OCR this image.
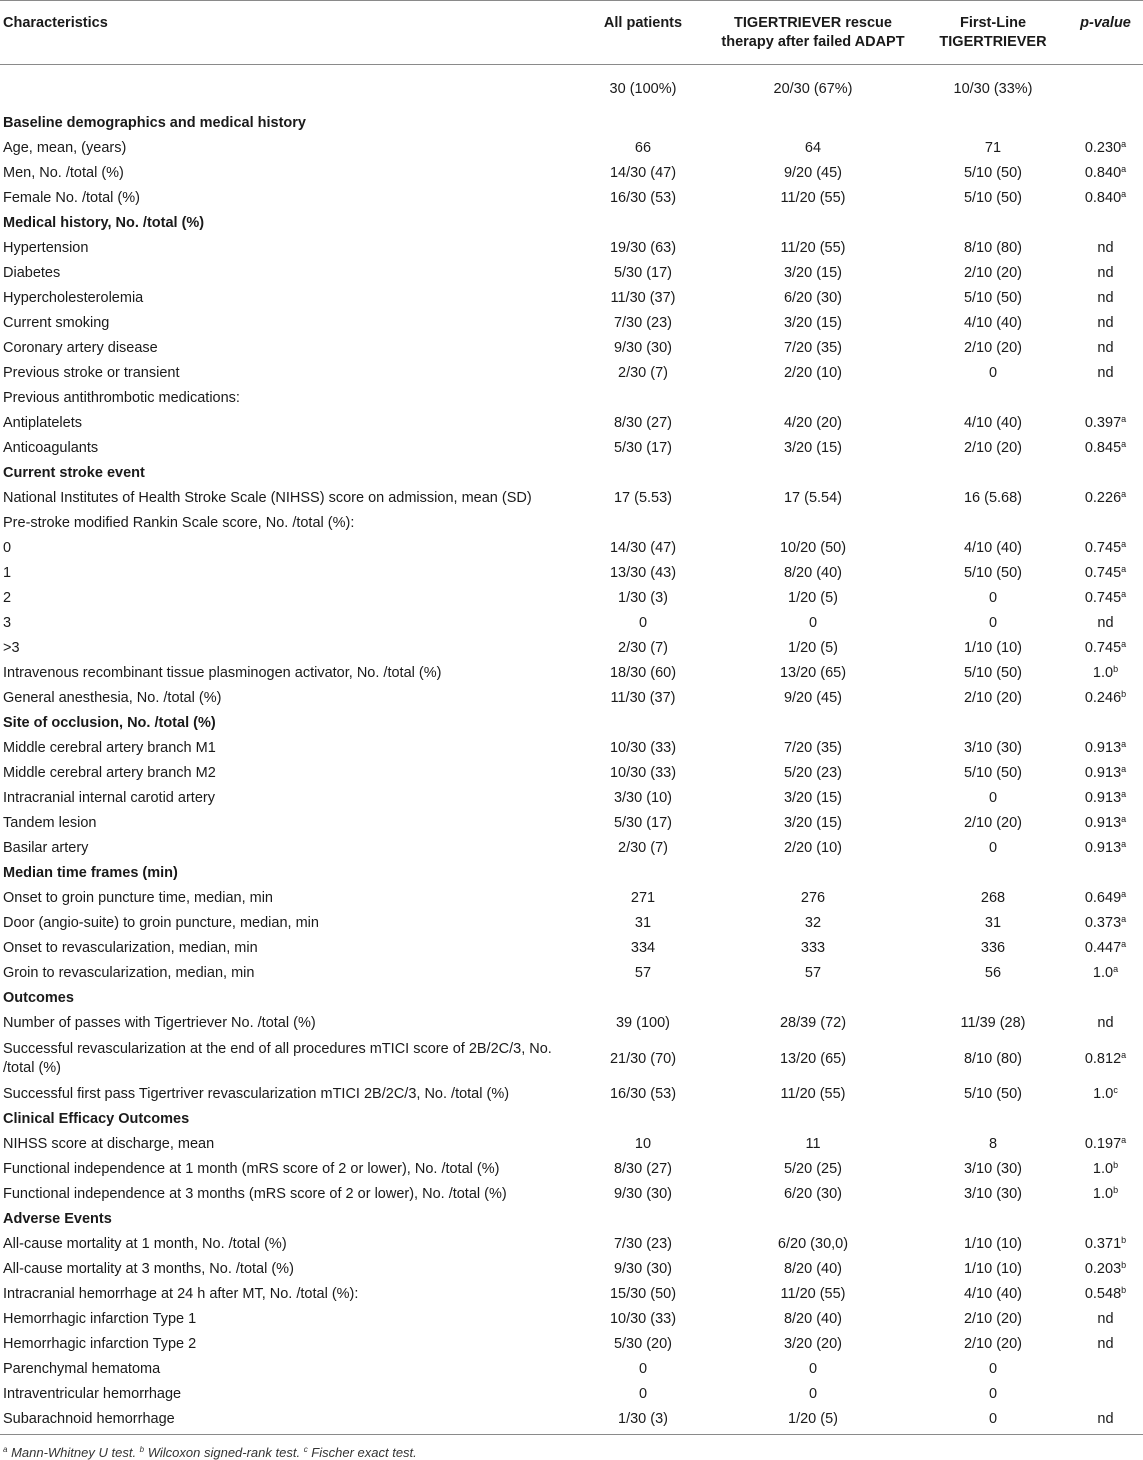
Characteristics	All patients	TIGERTRIEVER rescue therapy after failed ADAPT	First-Line TIGERTRIEVER	p-value
	30 (100%)	20/30 (67%)	10/30 (33%)	
Baseline demographics and medical history				
Age, mean, (years)	66	64	71	0.230$^a$
Men, No. /total (%)	14/30 (47)	9/20 (45)	5/10 (50)	0.840$^a$
Female No. /total (%)	16/30 (53)	11/20 (55)	5/10 (50)	0.840$^a$
Medical history, No. /total (%)				
Hypertension	19/30 (63)	11/20 (55)	8/10 (80)	nd
Diabetes	5/30 (17)	3/20 (15)	2/10 (20)	nd
Hypercholesterolemia	11/30 (37)	6/20 (30)	5/10 (50)	nd
Current smoking	7/30 (23)	3/20 (15)	4/10 (40)	nd
Coronary artery disease	9/30 (30)	7/20 (35)	2/10 (20)	nd
Previous stroke or transient	2/30 (7)	2/20 (10)	0	nd
Previous antithrombotic medications:				
Antiplatelets	8/30 (27)	4/20 (20)	4/10 (40)	0.397$^a$
Anticoagulants	5/30 (17)	3/20 (15)	2/10 (20)	0.845$^a$
Current stroke event				
National Institutes of Health Stroke Scale (NIHSS) score on admission, mean (SD)	17 (5.53)	17 (5.54)	16 (5.68)	0.226$^a$
Pre-stroke modified Rankin Scale score, No. /total (%):				
0	14/30 (47)	10/20 (50)	4/10 (40)	0.745$^a$
1	13/30 (43)	8/20 (40)	5/10 (50)	0.745$^a$
2	1/30 (3)	1/20 (5)	0	0.745$^a$
3	0	0	0	nd
>3	2/30 (7)	1/20 (5)	1/10 (10)	0.745$^a$
Intravenous recombinant tissue plasminogen activator, No. /total (%)	18/30 (60)	13/20 (65)	5/10 (50)	1.0$^b$
General anesthesia, No. /total (%)	11/30 (37)	9/20 (45)	2/10 (20)	0.246$^b$
Site of occlusion, No. /total (%)				
Middle cerebral artery branch M1	10/30 (33)	7/20 (35)	3/10 (30)	0.913$^a$
Middle cerebral artery branch M2	10/30 (33)	5/20 (23)	5/10 (50)	0.913$^a$
Intracranial internal carotid artery	3/30 (10)	3/20 (15)	0	0.913$^a$
Tandem lesion	5/30 (17)	3/20 (15)	2/10 (20)	0.913$^a$
Basilar artery	2/30 (7)	2/20 (10)	0	0.913$^a$
Median time frames (min)				
Onset to groin puncture time, median, min	271	276	268	0.649$^a$
Door (angio-suite) to groin puncture, median, min	31	32	31	0.373$^a$
Onset to revascularization, median, min	334	333	336	0.447$^a$
Groin to revascularization, median, min	57	57	56	1.0$^a$
Outcomes				
Number of passes with Tigertriever No. /total (%)	39 (100)	28/39 (72)	11/39 (28)	nd
Successful revascularization at the end of all procedures mTICI score of 2B/2C/3, No. /total (%)	21/30 (70)	13/20 (65)	8/10 (80)	0.812$^a$
Successful first pass Tigertriver revascularization mTICI 2B/2C/3, No. /total (%)	16/30 (53)	11/20 (55)	5/10 (50)	1.0$^c$
Clinical Efficacy Outcomes				
NIHSS score at discharge, mean	10	11	8	0.197$^a$
Functional independence at 1 month (mRS score of 2 or lower), No. /total (%)	8/30 (27)	5/20 (25)	3/10 (30)	1.0$^b$
Functional independence at 3 months (mRS score of 2 or lower), No. /total (%)	9/30 (30)	6/20 (30)	3/10 (30)	1.0$^b$
Adverse Events				
All-cause mortality at 1 month, No. /total (%)	7/30 (23)	6/20 (30,0)	1/10 (10)	0.371$^b$
All-cause mortality at 3 months, No. /total (%)	9/30 (30)	8/20 (40)	1/10 (10)	0.203$^b$
Intracranial hemorrhage at 24 h after MT, No. /total (%):	15/30 (50)	11/20 (55)	4/10 (40)	0.548$^b$
Hemorrhagic infarction Type 1	10/30 (33)	8/20 (40)	2/10 (20)	nd
Hemorrhagic infarction Type 2	5/30 (20)	3/20 (20)	2/10 (20)	nd
Parenchymal hematoma	0	0	0	
Intraventricular hemorrhage	0	0	0	
Subarachnoid hemorrhage	1/30 (3)	1/20 (5)	0	nd
$^a$ Mann-Whitney U test. $^b$ Wilcoxon signed-rank test. $^c$ Fischer exact test.
